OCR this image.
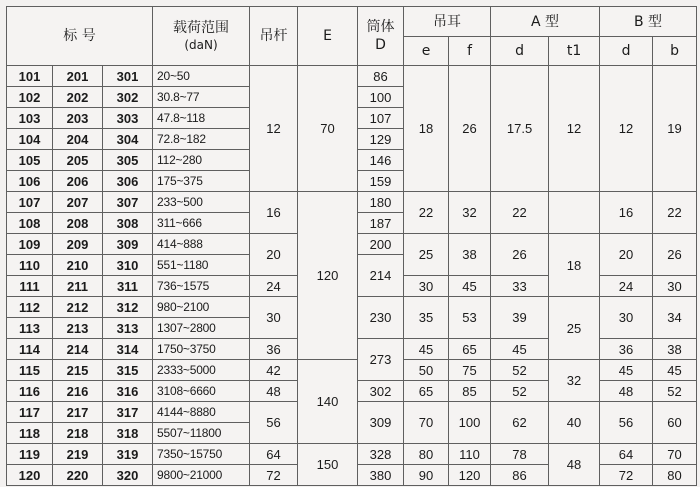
标 号			载荷范围
(daN)	吊杆	E	筒体
D	吊耳		A 型		B 型	
							e	f	d	t1	d	b
101	201	301	20~50	12	70	86	18	26	17.5	12	12	19
102	202	302	30.8~77			100						
103	203	303	47.8~118			107						
104	204	304	72.8~182			129						
105	205	305	112~280			146						
106	206	306	175~375			159						
107	207	307	233~500	16	120	180	22	32	22		16	22
108	208	308	311~666			187						
109	209	309	414~888	20		200	25	38	26	18	20	26
110	210	310	551~1180			214						
111	211	311	736~1575	24			30	45	33		24	30
112	212	312	980~2100	30		230	35	53	39	25	30	34
113	213	313	1307~2800									
114	214	314	1750~3750	36		273	45	65	45		36	38
115	215	315	2333~5000	42	140		50	75	52	32	45	45
116	216	316	3108~6660	48		302	65	85	52		48	52
117	217	317	4144~8880	56		309	70	100	62	40	56	60
118	218	318	5507~11800									
119	219	319	7350~15750	64	150	328	80	110	78	48	64	70
120	220	320	9800~21000	72		380	90	120	86		72	80
